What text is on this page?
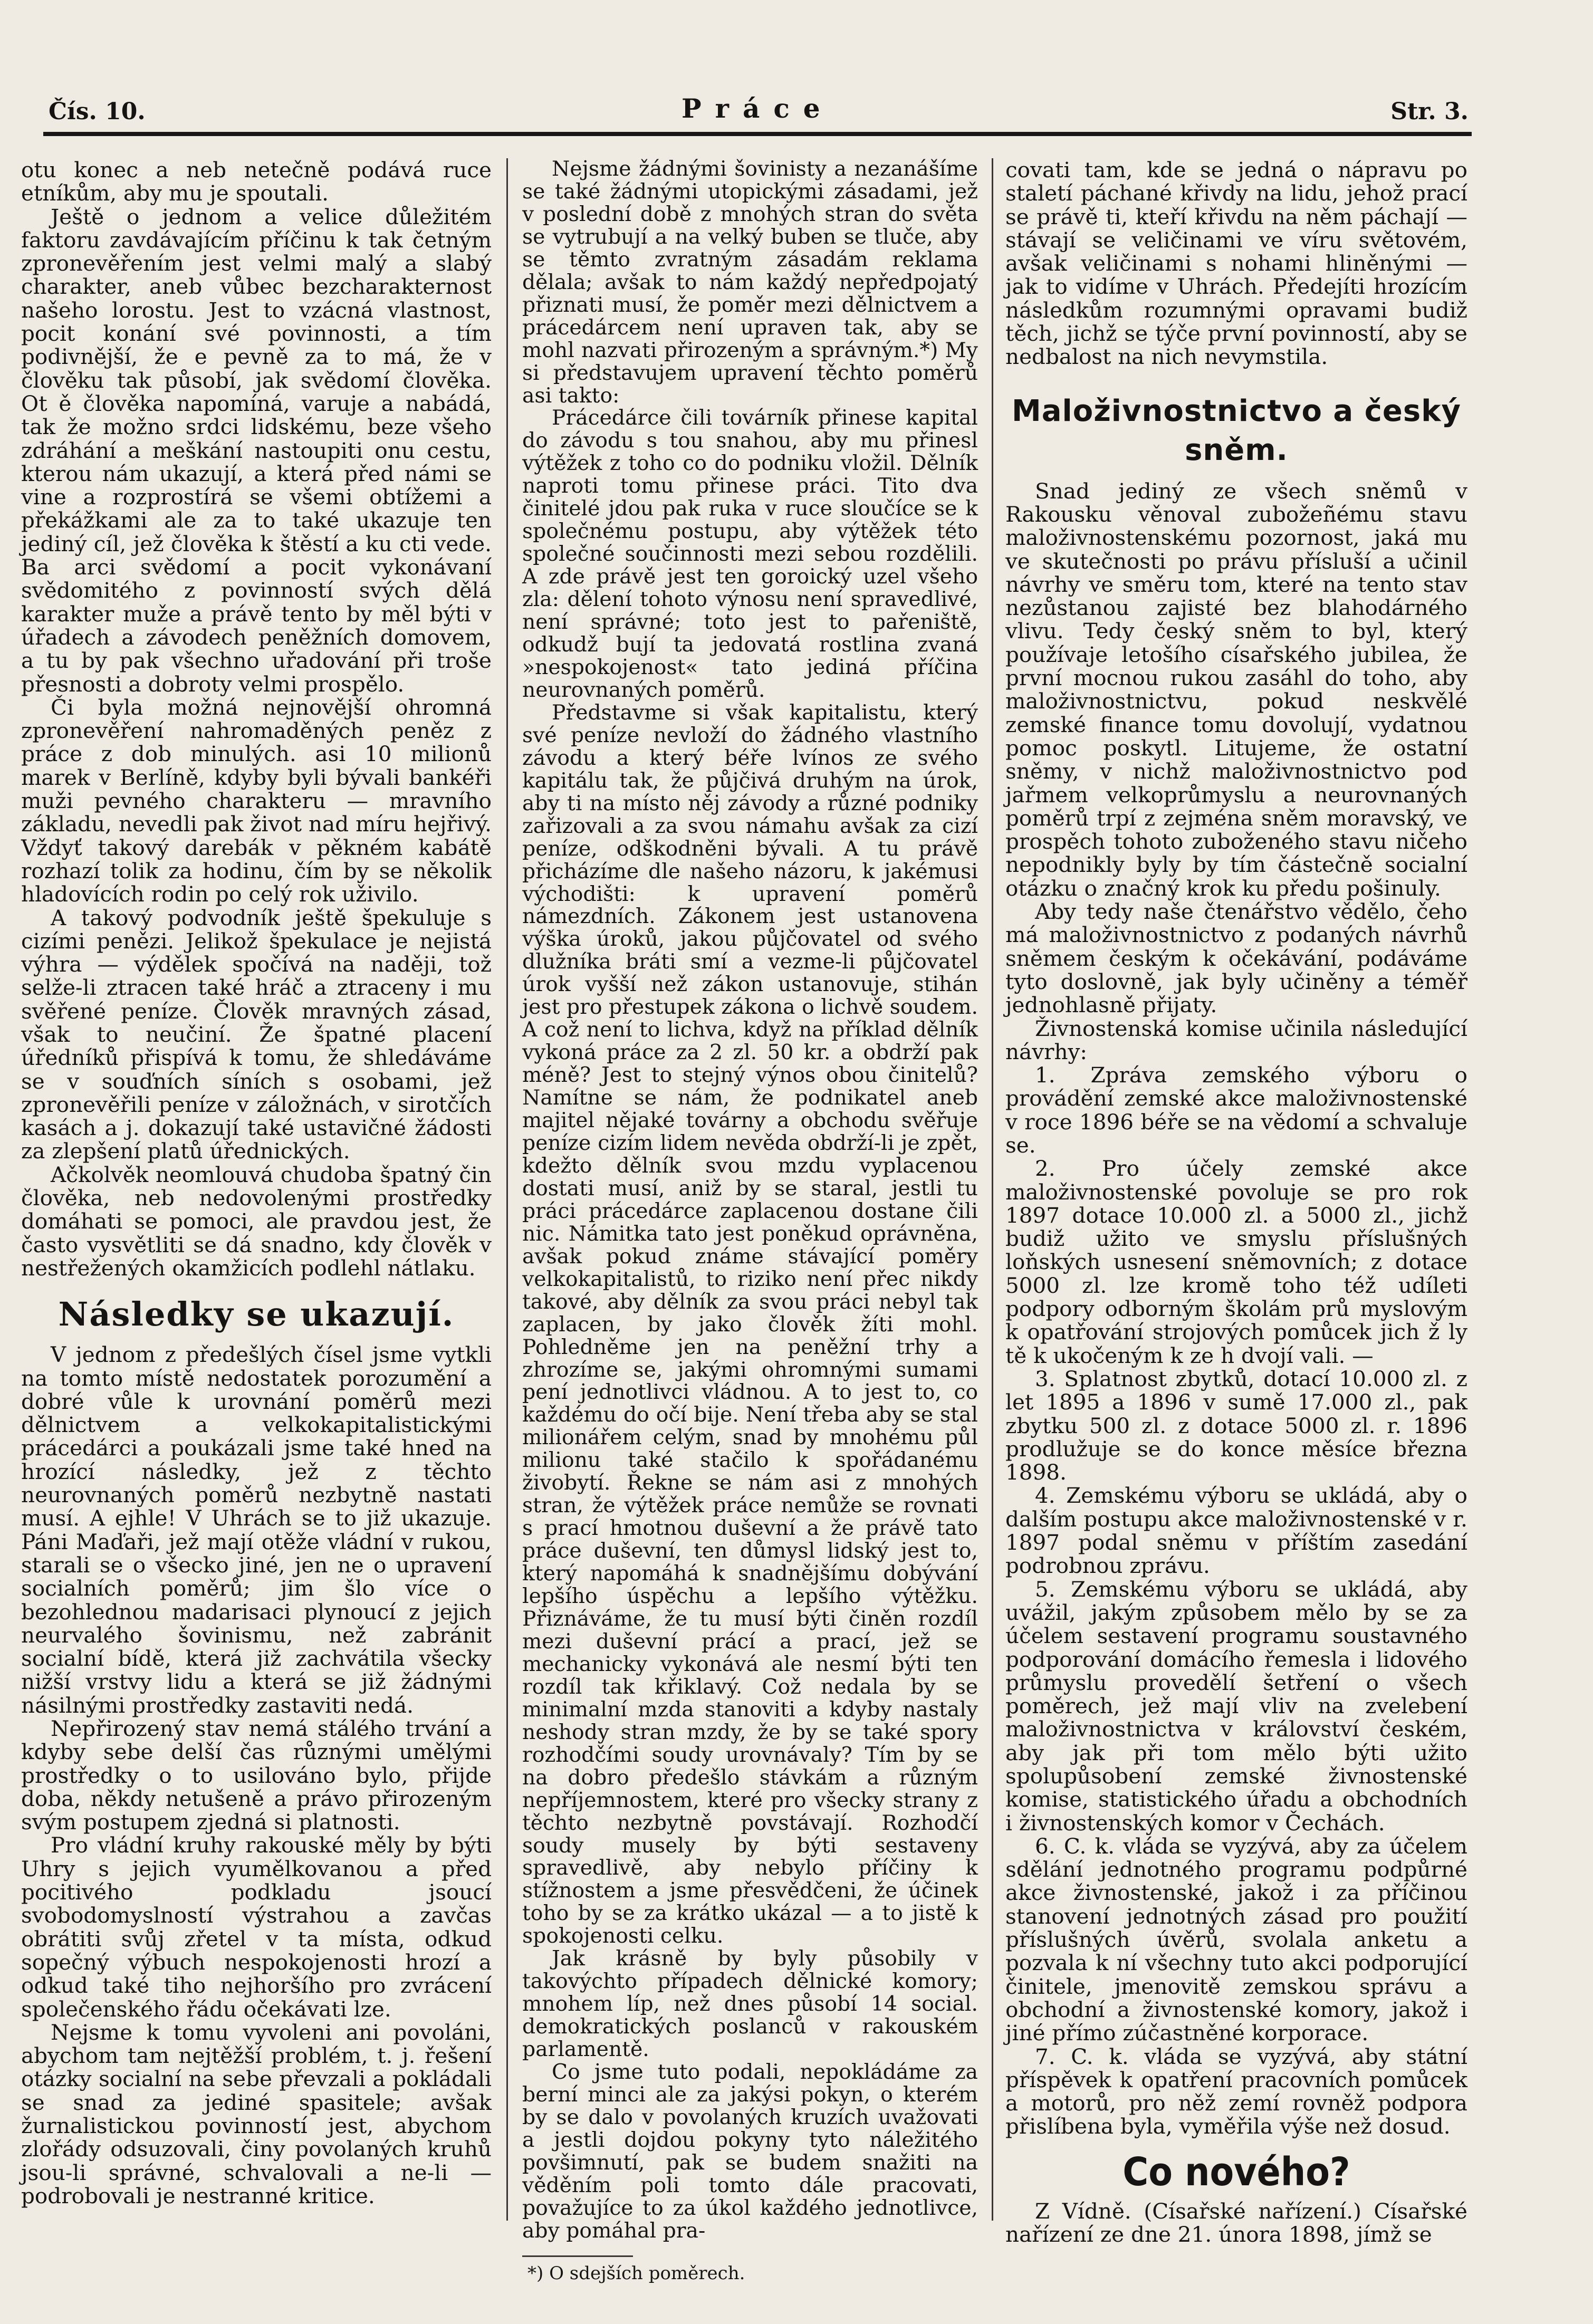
Čís. 10.	Práce	Str. 3.

otu konec a neb netečně podává ruce etníkům, aby mu je spoutali.

Ještě o jednom a velice důležitém faktoru zavdávajícím příčinu k tak četným zpronevěřením jest velmi malý a slabý charakter, aneb vůbec bezcharakternost našeho lorostu. Jest to vzácná vlastnost, pocit konání své povinnosti, a tím podivnější, že e pevně za to má, že v člověku tak působí, jak svědomí člověka. Ot ě člověka napomíná, varuje a nabádá, tak že možno srdci lidskému, beze všeho zdráhání a meškání nastoupiti onu cestu, kterou nám ukazují, a která před námi se vine a rozprostírá se všemi obtížemi a překážkami ale za to také ukazuje ten jediný cíl, jež člověka k štěstí a ku cti vede. Ba arci svědomí a pocit vykonávaní svědomitého z povinností svých dělá karakter muže a právě tento by měl býti v úřadech a závodech peněžních domovem, a tu by pak všechno uřadování při troše přesnosti a dobroty velmi prospělo.

Či byla možná nejnovější ohromná zpronevěření nahromaděných peněz z práce z dob minulých. asi 10 milionů marek v Berlíně, kdyby byli bývali bankéři muži pevného charakteru — mravního základu, nevedli pak život nad míru hejřivý. Vždyť takový darebák v pěkném kabátě rozhazí tolik za hodinu, čím by se několik hladovících rodin po celý rok uživilo.

A takový podvodník ještě špekuluje s cizími penězi. Jelikož špekulace je nejistá výhra — výdělek spočívá na naději, tož selže-li ztracen také hráč a ztraceny i mu svěřené peníze. Člověk mravných zásad, však to neučiní. Že špatné placení úředníků přispívá k tomu, že shledáváme se v souďních síních s osobami, jež zpronevěřili peníze v záložnách, v sirotčích kasách a j. dokazují také ustavičné žádosti za zlepšení platů úřednických.

Ačkolvěk neomlouvá chudoba špatný čin člověka, neb nedovolenými prostředky domáhati se pomoci, ale pravdou jest, že často vysvětliti se dá snadno, kdy člověk v nestřežených okamžicích podlehl nátlaku.

Následky se ukazují.

V jednom z předešlých čísel jsme vytkli na tomto místě nedostatek porozumění a dobré vůle k urovnání poměrů mezi dělnictvem a velkokapitalistickými prácedárci a poukázali jsme také hned na hrozící následky, jež z těchto neurovnaných poměrů nezbytně nastati musí. A ejhle! V Uhrách se to již ukazuje. Páni Maďaři, jež mají otěže vládní v rukou, starali se o všecko jiné, jen ne o upravení socialních poměrů; jim šlo více o bezohlednou madarisaci plynoucí z jejich neurvalého šovinismu, než zabránit socialní bídě, která již zachvátila všecky nižší vrstvy lidu a která se již žádnými násilnými prostředky zastaviti nedá.

Nepřirozený stav nemá stálého trvání a kdyby sebe delší čas různými umělými prostředky o to usilováno bylo, přijde doba, někdy netušeně a právo přirozeným svým postupem zjedná si platnosti.

Pro vládní kruhy rakouské měly by býti Uhry s jejich vyumělkovanou a před pocitivého podkladu jsoucí svobodomyslností výstrahou a zavčas obrátiti svůj zřetel v ta místa, odkud sopečný výbuch nespokojenosti hrozí a odkud také tiho nejhoršího pro zvrácení společenského řádu očekávati lze.

Nejsme k tomu vyvoleni ani povoláni, abychom tam nejtěžší problém, t. j. řešení otázky socialní na sebe převzali a pokládali se snad za jediné spasitele; avšak žurnalistickou povinností jest, abychom zlořády odsuzovali, činy povolaných kruhů jsou-li správné, schvalovali a ne-li — podrobovali je nestranné kritice.

Nejsme žádnými šovinisty a nezanášíme se také žádnými utopickými zásadami, jež v poslední době z mnohých stran do světa se vytrubují a na velký buben se tluče, aby se těmto zvratným zásadám reklama dělala; avšak to nám každý nepředpojatý přiznati musí, že poměr mezi dělnictvem a prácedárcem není upraven tak, aby se mohl nazvati přirozeným a správným.*) My si představujem upravení těchto poměrů asi takto:

Prácedárce čili továrník přinese kapital do závodu s tou snahou, aby mu přinesl výtěžek z toho co do podniku vložil. Dělník naproti tomu přinese práci. Tito dva činitelé jdou pak ruka v ruce sloučíce se k společnému postupu, aby výtěžek této společné součinnosti mezi sebou rozdělili. A zde právě jest ten goroický uzel všeho zla: dělení tohoto výnosu není spravedlivé, není správné; toto jest to pařeniště, odkudž bují ta jedovatá rostlina zvaná »nespokojenost« tato jediná příčina neurovnaných poměrů.

Představme si však kapitalistu, který své peníze nevloží do žádného vlastního závodu a který béře lvínos ze svého kapitálu tak, že půjčivá druhým na úrok, aby ti na místo něj závody a různé podniky zařizovali a za svou námahu avšak za cizí peníze, odškodněni bývali. A tu právě přicházíme dle našeho názoru, k jakémusi východišti: k upravení poměrů námezdních. Zákonem jest ustanovena výška úroků, jakou půjčovatel od svého dlužníka bráti smí a vezme-li půjčovatel úrok vyšší než zákon ustanovuje, stihán jest pro přestupek zákona o lichvě soudem. A což není to lichva, když na příklad dělník vykoná práce za 2 zl. 50 kr. a obdrží pak méně? Jest to stejný výnos obou činitelů? Namítne se nám, že podnikatel aneb majitel nějaké továrny a obchodu svěřuje peníze cizím lidem nevěda obdrží-li je zpět, kdežto dělník svou mzdu vyplacenou dostati musí, aniž by se staral, jestli tu práci prácedárce zaplacenou dostane čili nic. Námitka tato jest poněkud oprávněna, avšak pokud známe stávající poměry velkokapitalistů, to riziko není přec nikdy takové, aby dělník za svou práci nebyl tak zaplacen, by jako člověk žíti mohl. Pohledněme jen na peněžní trhy a zhrozíme se, jakými ohromnými sumami pení jednotlivci vládnou. A to jest to, co každému do očí bije. Není třeba aby se stal milionářem celým, snad by mnohému půl milionu také stačilo k spořádanému živobytí. Řekne se nám asi z mnohých stran, že výtěžek práce nemůže se rovnati s prací hmotnou duševní a že právě tato práce duševní, ten důmysl lidský jest to, který napomáhá k snadnějšímu dobývání lepšího úspěchu a lepšího výtěžku. Přiznáváme, že tu musí býti činěn rozdíl mezi duševní prácí a prací, jež se mechanicky vykonává ale nesmí býti ten rozdíl tak křiklavý. Což nedala by se minimalní mzda stanoviti a kdyby nastaly neshody stran mzdy, že by se také spory rozhodčími soudy urovnávaly? Tím by se na dobro předešlo stávkám a různým nepříjemnostem, které pro všecky strany z těchto nezbytně povstávají. Rozhodčí soudy musely by býti sestaveny spravedlivě, aby nebylo příčiny k stížnostem a jsme přesvědčeni, že účinek toho by se za krátko ukázal — a to jistě k spokojenosti celku.

Jak krásně by byly působily v takovýchto případech dělnické komory; mnohem líp, než dnes působí 14 social. demokratických poslanců v rakouském parlamentě.

Co jsme tuto podali, nepokládáme za berní minci ale za jakýsi pokyn, o kterém by se dalo v povolaných kruzích uvažovati a jestli dojdou pokyny tyto náležitého povšimnutí, pak se budem snažiti na věděním poli tomto dále pracovati, považujíce to za úkol každého jednotlivce, aby pomáhal pra-

*) O sdejších poměrech.

covati tam, kde se jedná o nápravu po staletí páchané křivdy na lidu, jehož prací se právě ti, kteří křivdu na něm páchají — stávají se veličinami ve víru světovém, avšak veličinami s nohami hliněnými — jak to vidíme v Uhrách. Předejíti hrozícím následkům rozumnými opravami budiž těch, jichž se týče první povinností, aby se nedbalost na nich nevymstila.

Maloživnostnictvo a český sněm.

Snad jediný ze všech sněmů v Rakousku věnoval zubožeñému stavu maloživnostenskému pozornost, jaká mu ve skutečnosti po právu přísluší a učinil návrhy ve směru tom, které na tento stav nezůstanou zajisté bez blahodárného vlivu. Tedy český sněm to byl, který používaje letošího císařského jubilea, že první mocnou rukou zasáhl do toho, aby maloživnostnictvu, pokud neskvělé zemské finance tomu dovolují, vydatnou pomoc poskytl. Litujeme, že ostatní sněmy, v nichž maloživnostnictvo pod jařmem velkoprůmyslu a neurovnaných poměrů trpí z zejména sněm moravský, ve prospěch tohoto zuboženého stavu ničeho nepodnikly byly by tím částečně socialní otázku o značný krok ku předu pošinuly.

Aby tedy naše čtenářstvo vědělo, čeho má maloživnostnictvo z podaných návrhů sněmem českým k očekávání, podáváme tyto doslovně, jak byly učiněny a téměř jednohlasně přijaty.

Živnostenská komise učinila následující návrhy:

1. Zpráva zemského výboru o provádění zemské akce maloživnostenské v roce 1896 béře se na vědomí a schvaluje se.

2. Pro účely zemské akce maloživnostenské povoluje se pro rok 1897 dotace 10.000 zl. a 5000 zl., jichž budiž užito ve smyslu příslušných loňských usnesení sněmovních; z dotace 5000 zl. lze kromě toho též udíleti podpory odborným školám prů myslovým k opatřování strojových pomůcek jich ž ly tě k ukočeným k ze h dvojí vali. —

3. Splatnost zbytků, dotací 10.000 zl. z let 1895 a 1896 v sumě 17.000 zl., pak zbytku 500 zl. z dotace 5000 zl. r. 1896 prodlužuje se do konce měsíce března 1898.

4. Zemskému výboru se ukládá, aby o dalším postupu akce maloživnostenské v r. 1897 podal sněmu v příštím zasedání podrobnou zprávu.

5. Zemskému výboru se ukládá, aby uvážil, jakým způsobem mělo by se za účelem sestavení programu soustavného podporování domácího řemesla i lidového průmyslu provedělí šetření o všech poměrech, jež mají vliv na zvelebení maloživnostnictva v království českém, aby jak při tom mělo býti užito spolupůsobení zemské živnostenské komise, statistického úřadu a obchodních i živnostenských komor v Čechách.

6. C. k. vláda se vyzývá, aby za účelem sdělání jednotného programu podpůrné akce živnostenské, jakož i za příčinou stanovení jednotných zásad pro použití příslušných úvěrů, svolala anketu a pozvala k ní všechny tuto akci podporující činitele, jmenovitě zemskou správu a obchodní a živnostenské komory, jakož i jiné přímo zúčastněné korporace.

7. C. k. vláda se vyzývá, aby státní příspěvek k opatření pracovních pomůcek a motorů, pro něž zemí rovněž podpora přislíbena byla, vyměřila výše než dosud.

Co nového?

Z Vídně. (Císařské nařízení.) Císařské nařízení ze dne 21. února 1898, jímž se
